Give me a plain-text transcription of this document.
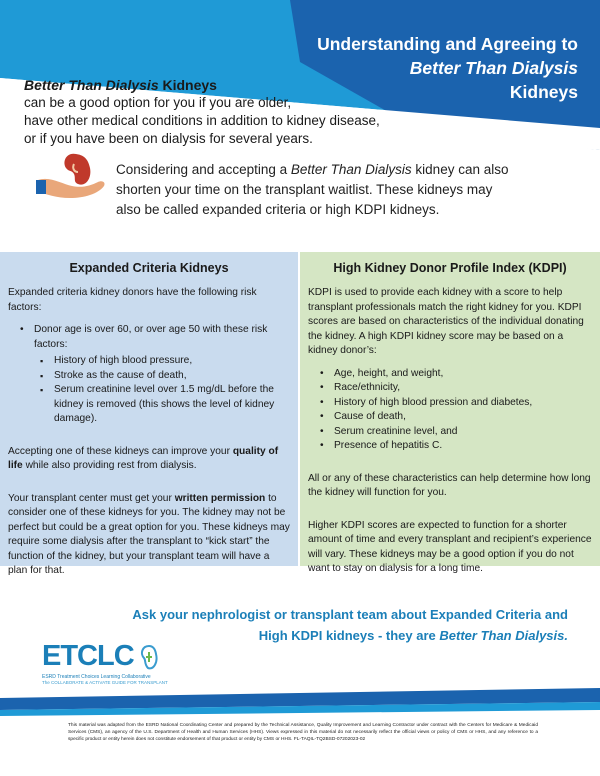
Understanding and Agreeing to
Better Than Dialysis
Kidneys
Better Than Dialysis Kidneys
can be a good option for you if you are older,
have other medical conditions in addition to kidney disease,
or if you have been on dialysis for several years.
Considering and accepting a Better Than Dialysis kidney can also shorten your time on the transplant waitlist. These kidneys may also be called expanded criteria or high KDPI kidneys.
Expanded Criteria Kidneys

Expanded criteria kidney donors have the following risk factors:

• Donor age is over 60, or over age 50 with these risk factors:
▪ History of high blood pressure,
▪ Stroke as the cause of death,
▪ Serum creatinine level over 1.5 mg/dL before the kidney is removed (this shows the level of kidney damage).

Accepting one of these kidneys can improve your quality of life while also providing rest from dialysis.

Your transplant center must get your written permission to consider one of these kidneys for you. The kidney may not be perfect but could be a great option for you. These kidneys may require some dialysis after the transplant to “kick start” the function of the kidney, but your transplant team will have a plan for that.

High Kidney Donor Profile Index (KDPI)

KDPI is used to provide each kidney with a score to help transplant professionals match the right kidney for you. KDPI scores are based on characteristics of the individual donating the kidney. A high KDPI kidney score may be based on a kidney donor’s:

• Age, height, and weight,
• Race/ethnicity,
• History of high blood pression and diabetes,
• Cause of death,
• Serum creatinine level, and
• Presence of hepatitis C.

All or any of these characteristics can help determine how long the kidney will function for you.

Higher KDPI scores are expected to function for a shorter amount of time and every transplant and recipient’s experience will vary. These kidneys may be a good option if you do not want to stay on dialysis for a long time.

Ask your nephrologist or transplant team about Expanded Criteria and
High KDPI kidneys - they are Better Than Dialysis.
ETCLC
ESRD Treatment Choices Learning Collaborative
The COLLABORATE & ACTIVATE GUIDE FOR TRANSPLANT
This material was adapted from the ESRD National Coordinating Center and prepared by the Technical Assistance, Quality Improvement and Learning Contractor under contract with the Centers for Medicare & Medicaid Services (CMS), an agency of the U.S. Department of Health and Human Services (HHS). Views expressed in this material do not necessarily reflect the official views or policy of CMS or HHS, and any reference to a specific product or entity herein does not constitute endorsement of that product or entity by CMS or HHS. FL-TAQIL-TQ2BSD-07202023-02
